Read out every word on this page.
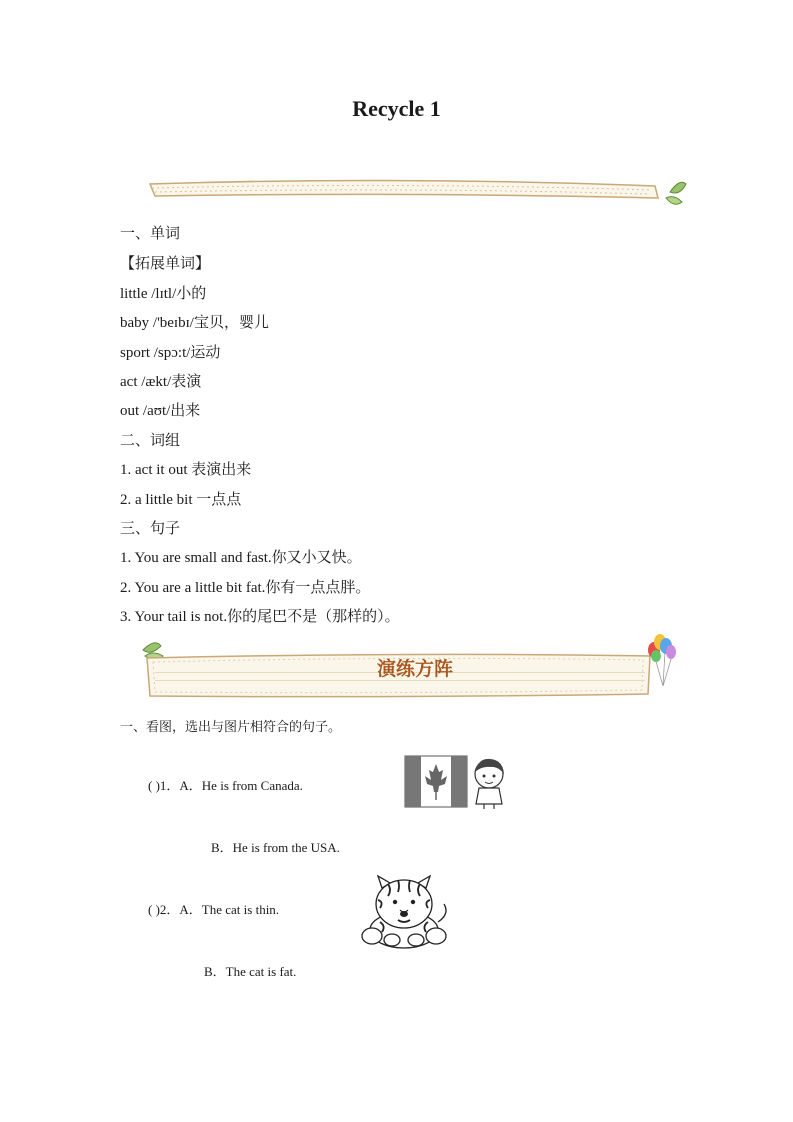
Recycle 1
一、单词
【拓展单词】
little /lɪtl/小的
baby /'beɪbɪ/宝贝，婴儿
sport /spɔ:t/运动
act /ækt/表演
out /aʊt/出来
二、词组
1. act it out 表演出来
2. a little bit 一点点
三、句子
1. You are small and fast.你又小又快。
2. You are a little bit fat.你有一点点胖。
3. Your tail is not.你的尾巴不是（那样的）。
演练方阵
一、看图，选出与图片相符合的句子。
( )1．A．He is from Canada.
B．He is from the USA.
( )2．A．The cat is thin.
B．The cat is fat.
